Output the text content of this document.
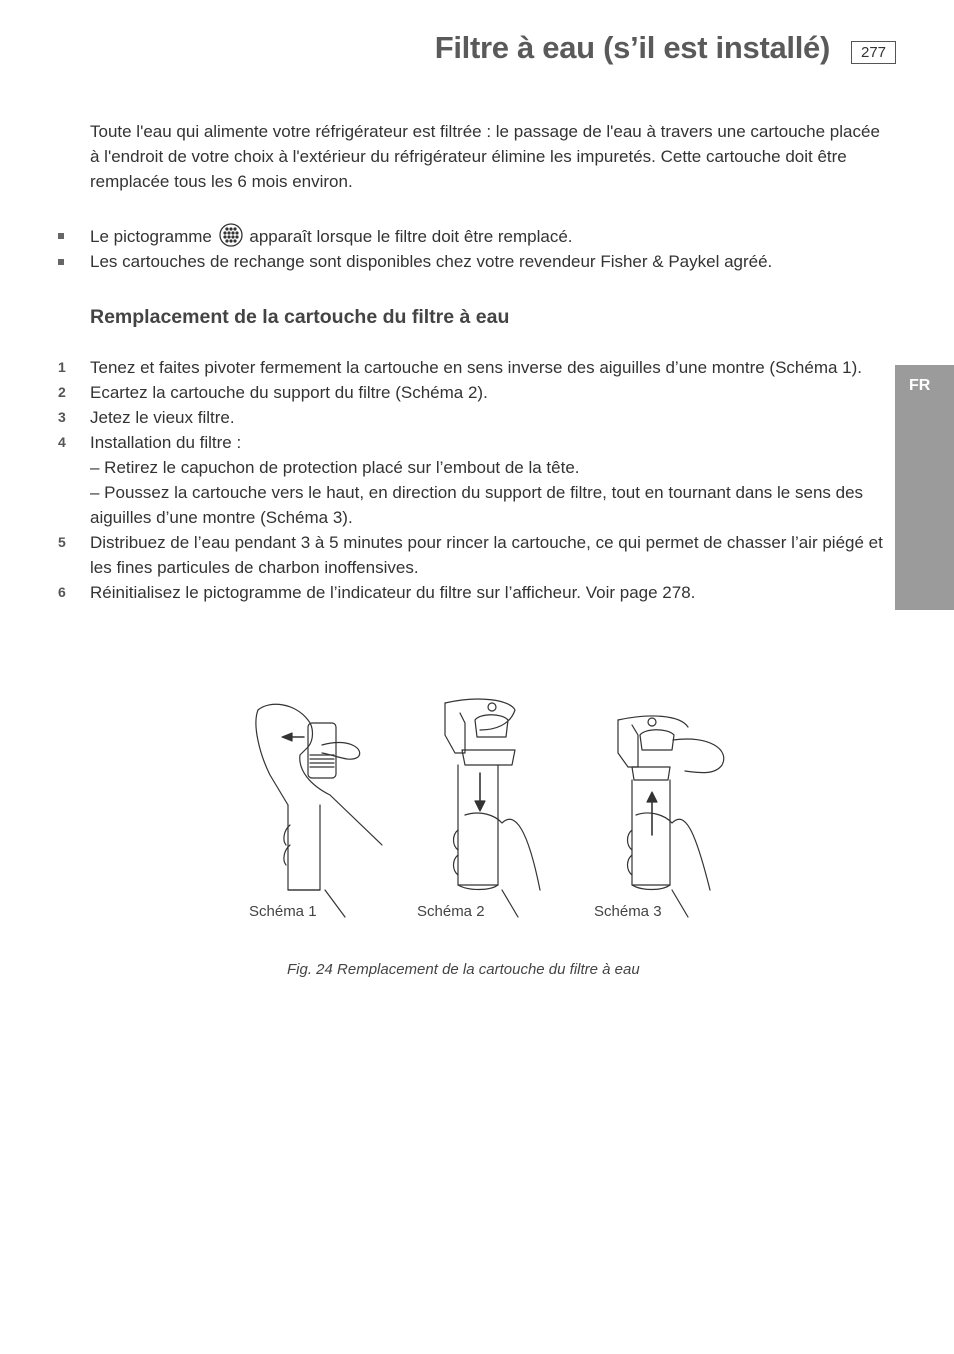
Filtre à eau (s’il est installé)	277
FR

Toute l'eau qui alimente votre réfrigérateur est filtrée : le passage de l'eau à travers une cartouche placée à l'endroit de votre choix à l'extérieur du réfrigérateur élimine les impuretés. Cette cartouche doit être remplacée tous les 6 mois environ.

Le pictogramme apparaît lorsque le filtre doit être remplacé.
Les cartouches de rechange sont disponibles chez votre revendeur Fisher & Paykel agréé.
Remplacement de la cartouche du filtre à eau
1 Tenez et faites pivoter fermement la cartouche en sens inverse des aiguilles d’une montre (Schéma 1).
2 Ecartez la cartouche du support du filtre (Schéma 2).
3 Jetez le vieux filtre.
4 Installation du filtre :
– Retirez le capuchon de protection placé sur l’embout de la tête.
– Poussez la cartouche vers le haut, en direction du support de filtre, tout en tournant dans le sens des aiguilles d’une montre (Schéma 3).
5 Distribuez de l’eau pendant 3 à 5 minutes pour rincer la cartouche, ce qui permet de chasser l’air piégé et les fines particules de charbon inoffensives.
6 Réinitialisez le pictogramme de l’indicateur du filtre sur l’afficheur. Voir page 278.
Schéma 1	Schéma 2	Schéma 3
Fig. 24 Remplacement de la cartouche du filtre à eau
